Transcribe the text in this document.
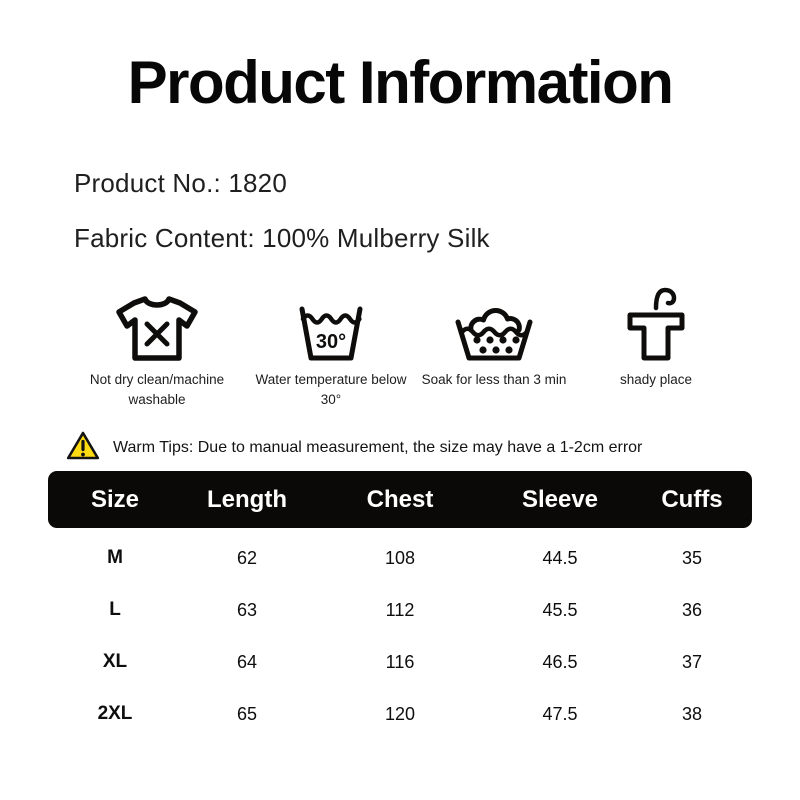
Product Information
Product No.: 1820
Fabric Content: 100% Mulberry Silk
Not dry clean/machine
washable
30°
Water temperature below
30°
Soak for less than 3 min	shady place
Warm Tips: Due to manual measurement, the size may have a 1-2cm error
Size	Length	Chest	Sleeve	Cuffs
M	62	108	44.5	35
L	63	112	45.5	36
XL	64	116	46.5	37
2XL	65	120	47.5	38
